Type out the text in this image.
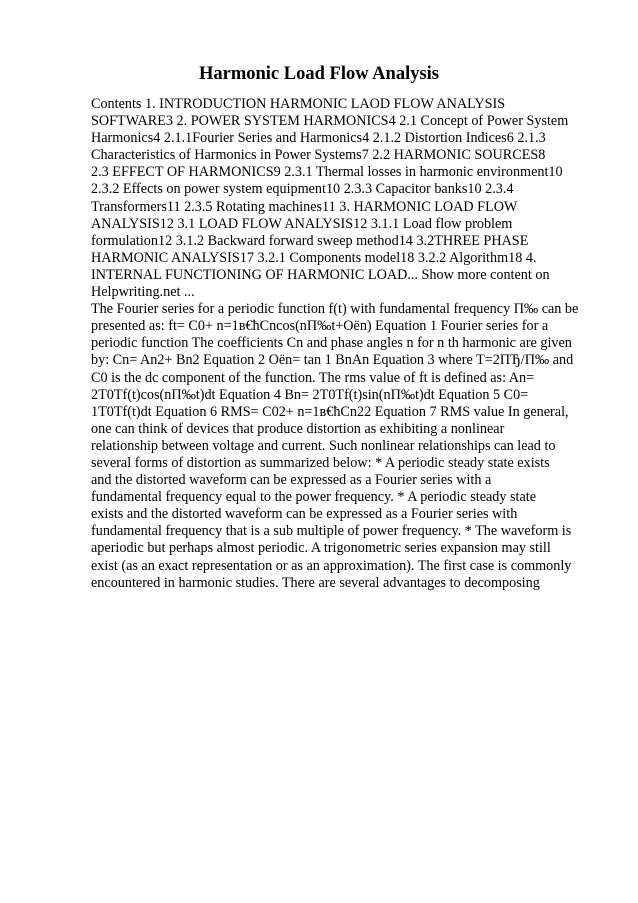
Harmonic Load Flow Analysis
Contents 1. INTRODUCTION HARMONIC LAOD FLOW ANALYSIS
SOFTWARE3 2. POWER SYSTEM HARMONICS4 2.1 Concept of Power System
Harmonics4 2.1.1Fourier Series and Harmonics4 2.1.2 Distortion Indices6 2.1.3
Characteristics of Harmonics in Power Systems7 2.2 HARMONIC SOURCES8
2.3 EFFECT OF HARMONICS9 2.3.1 Thermal losses in harmonic environment10
2.3.2 Effects on power system equipment10 2.3.3 Capacitor banks10 2.3.4
Transformers11 2.3.5 Rotating machines11 3. HARMONIC LOAD FLOW
ANALYSIS12 3.1 LOAD FLOW ANALYSIS12 3.1.1 Load flow problem
formulation12 3.1.2 Backward forward sweep method14 3.2THREE PHASE
HARMONIC ANALYSIS17 3.2.1 Components model18 3.2.2 Algorithm18 4.
INTERNAL FUNCTIONING OF HARMONIC LOAD... Show more content on
Helpwriting.net ...
The Fourier series for a periodic function f(t) with fundamental frequency П‰ can be
presented as: ft= C0+ n=1в€ћCncos(nП‰t+Оёn) Equation 1 Fourier series for a
periodic function The coefficients Cn and phase angles n for n th harmonic are given
by: Cn= An2+ Bn2 Equation 2 Оёn= tan 1 BnAn Equation 3 where T=2ПЂ/П‰ and
C0 is the dc component of the function. The rms value of ft is defined as: An=
2T0Tf(t)cos(nП‰t)dt Equation 4 Bn= 2T0Tf(t)sin(nП‰t)dt Equation 5 C0=
1T0Tf(t)dt Equation 6 RMS= C02+ n=1в€ћCn22 Equation 7 RMS value In general,
one can think of devices that produce distortion as exhibiting a nonlinear
relationship between voltage and current. Such nonlinear relationships can lead to
several forms of distortion as summarized below: * A periodic steady state exists
and the distorted waveform can be expressed as a Fourier series with a
fundamental frequency equal to the power frequency. * A periodic steady state
exists and the distorted waveform can be expressed as a Fourier series with
fundamental frequency that is a sub multiple of power frequency. * The waveform is
aperiodic but perhaps almost periodic. A trigonometric series expansion may still
exist (as an exact representation or as an approximation). The first case is commonly
encountered in harmonic studies. There are several advantages to decomposing
